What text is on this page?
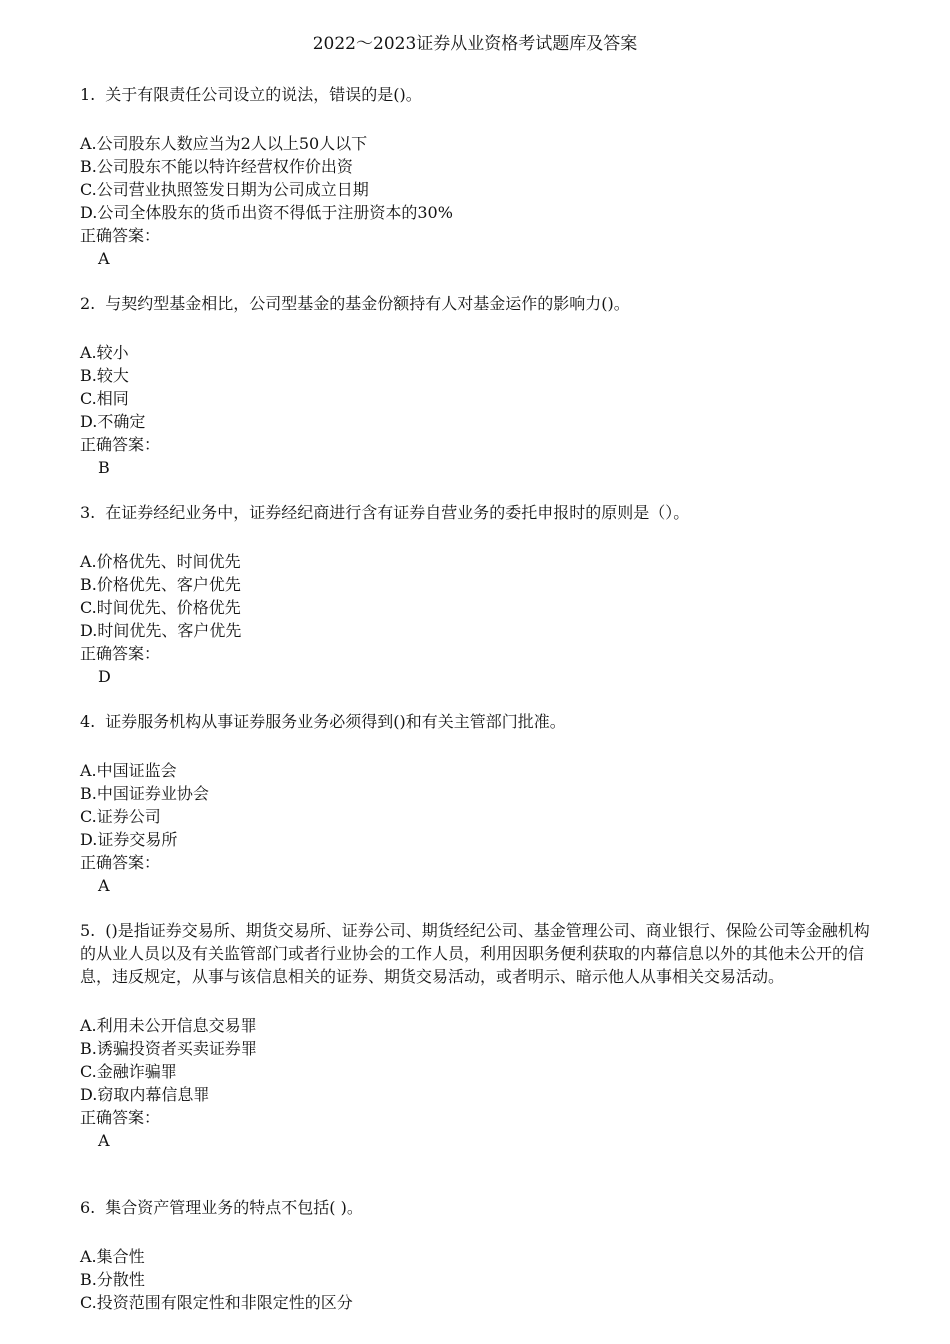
2022～2023证券从业资格考试题库及答案

1. 关于有限责任公司设立的说法，错误的是()。

A.公司股东人数应当为2人以上50人以下
B.公司股东不能以特许经营权作价出资
C.公司营业执照签发日期为公司成立日期
D.公司全体股东的货币出资不得低于注册资本的30%
正确答案：
A

2. 与契约型基金相比，公司型基金的基金份额持有人对基金运作的影响力()。

A.较小
B.较大
C.相同
D.不确定
正确答案：
B

3. 在证券经纪业务中，证券经纪商进行含有证券自营业务的委托申报时的原则是（）。

A.价格优先、时间优先
B.价格优先、客户优先
C.时间优先、价格优先
D.时间优先、客户优先
正确答案：
D

4. 证券服务机构从事证券服务业务必须得到()和有关主管部门批准。

A.中国证监会
B.中国证券业协会
C.证券公司
D.证券交易所
正确答案：
A

5. ()是指证券交易所、期货交易所、证券公司、期货经纪公司、基金管理公司、商业银行、保险公司等金融机构的从业人员以及有关监管部门或者行业协会的工作人员，利用因职务便利获取的内幕信息以外的其他未公开的信息，违反规定，从事与该信息相关的证券、期货交易活动，或者明示、暗示他人从事相关交易活动。

A.利用未公开信息交易罪
B.诱骗投资者买卖证券罪
C.金融诈骗罪
D.窃取内幕信息罪
正确答案：
A

6. 集合资产管理业务的特点不包括( )。

A.集合性
B.分散性
C.投资范围有限定性和非限定性的区分
